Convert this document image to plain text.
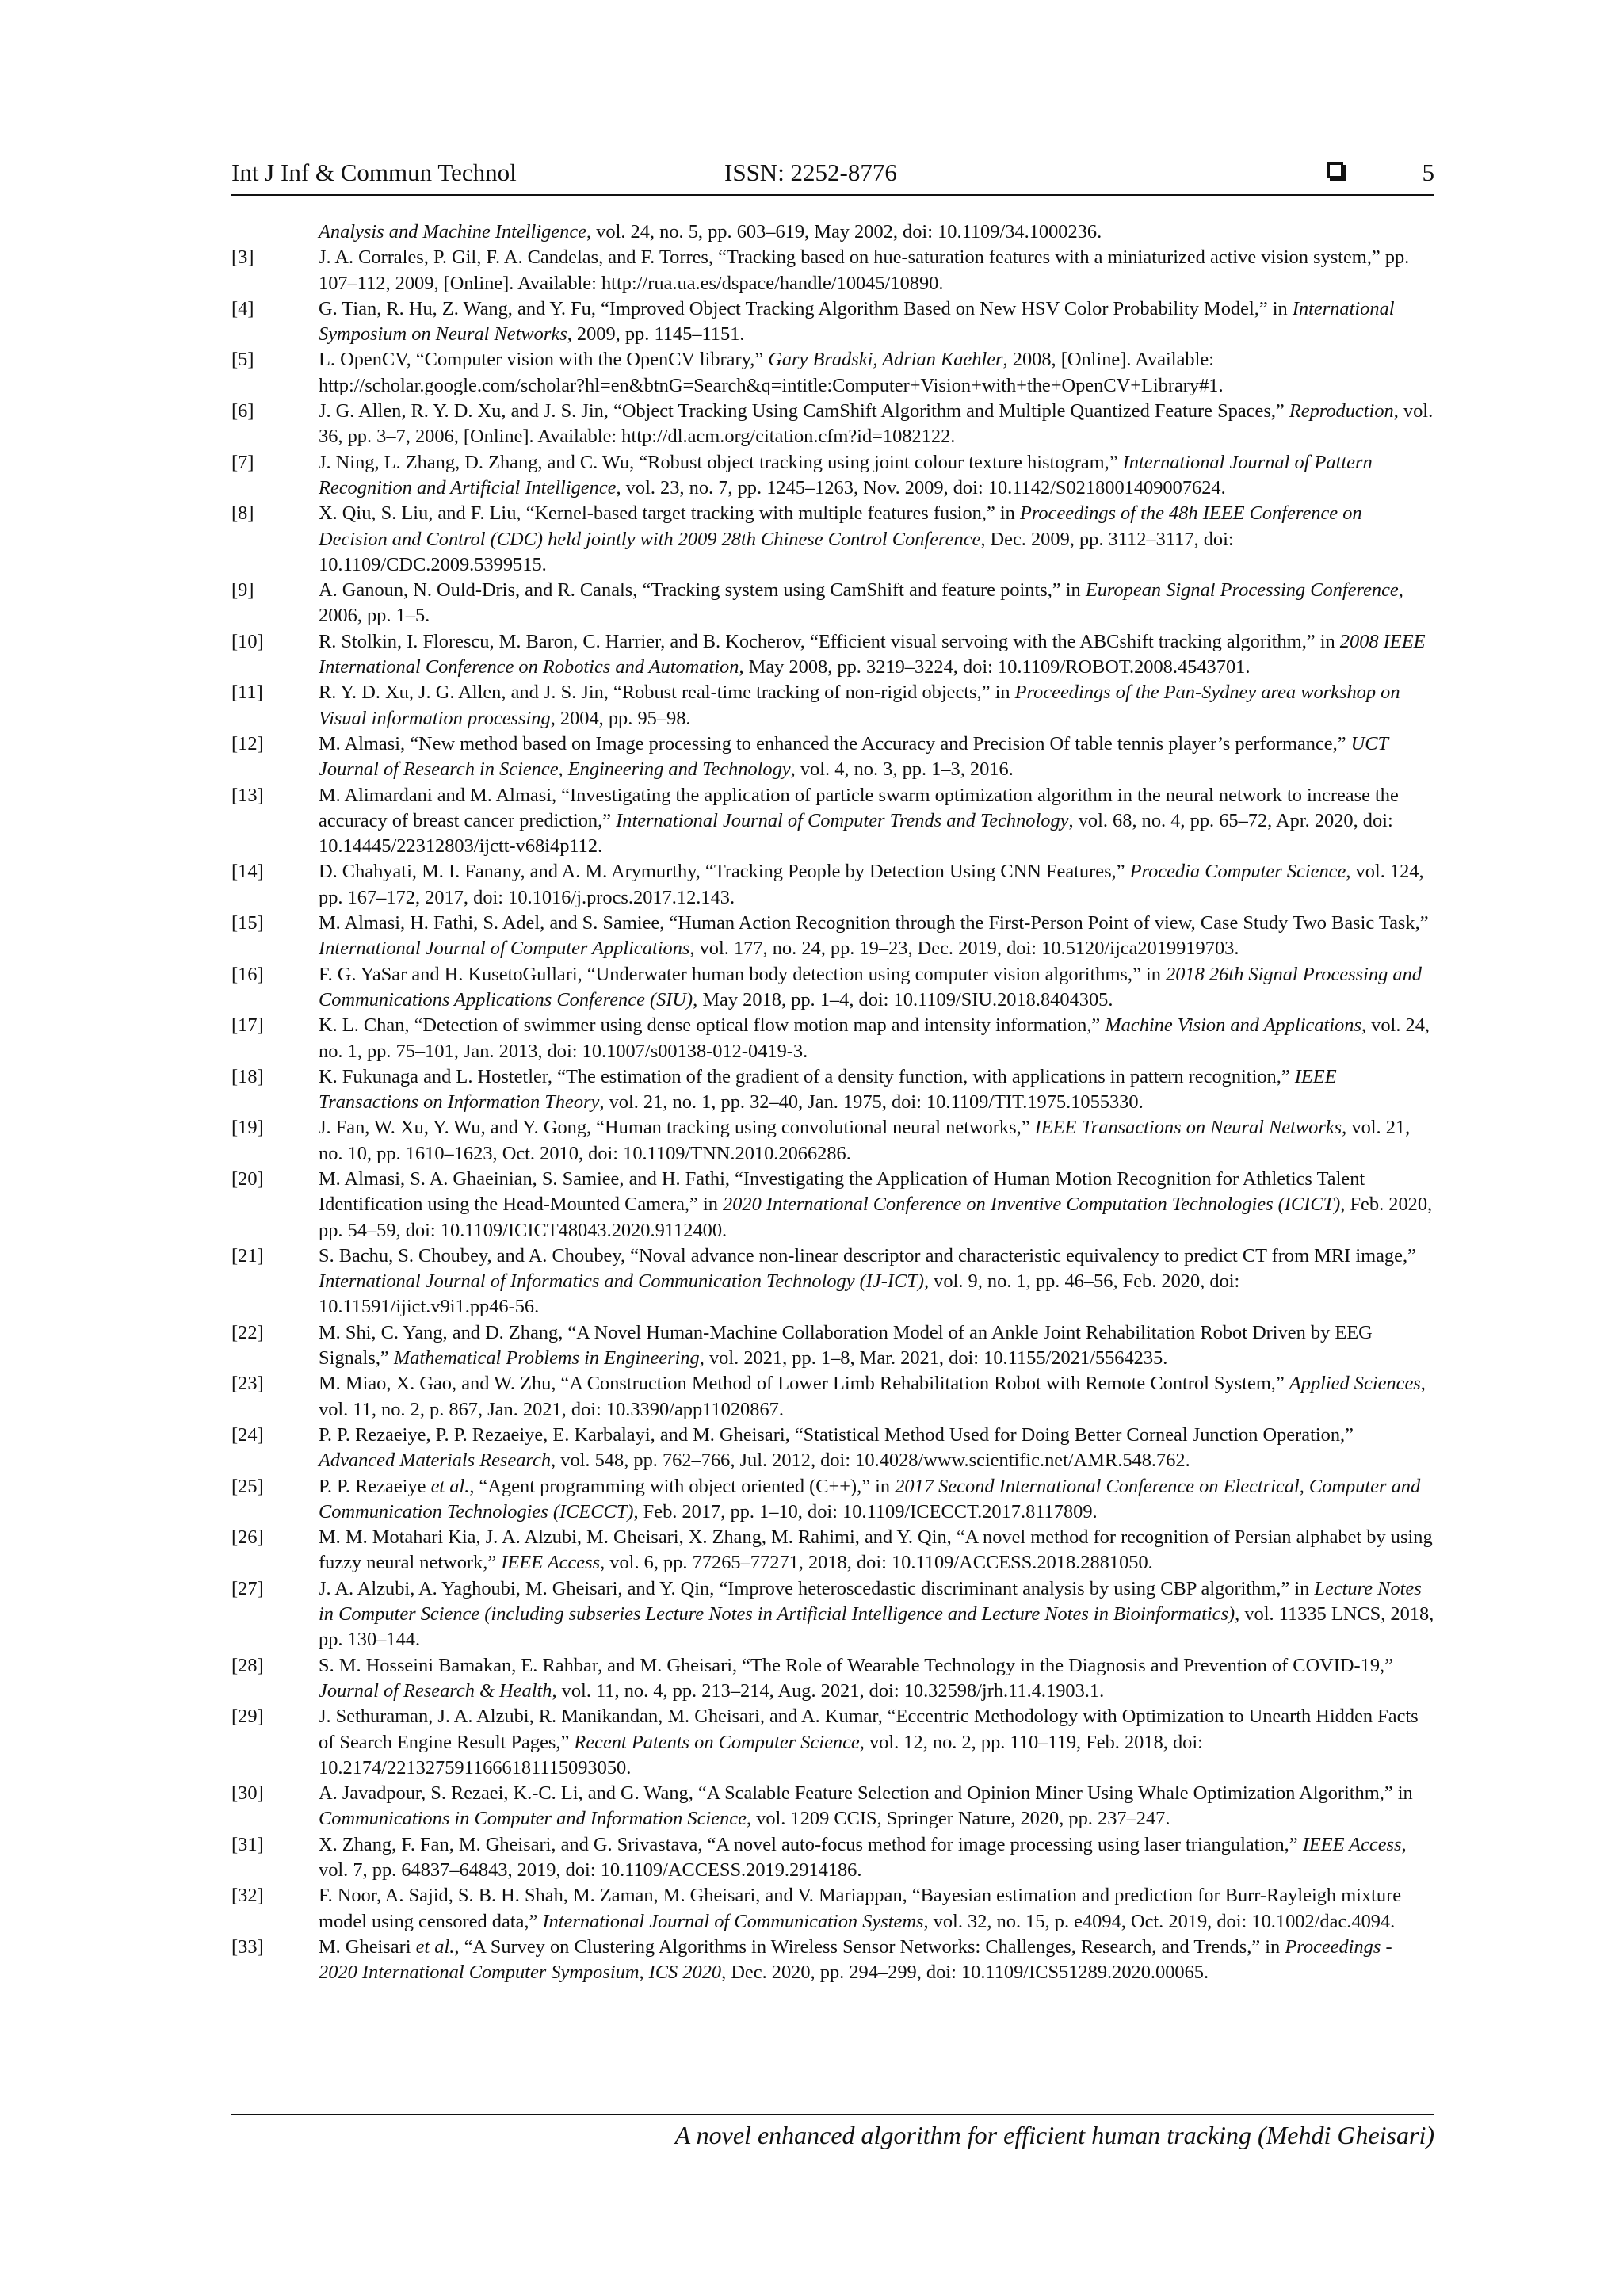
Int J Inf & Commun Technol	ISSN: 2252-8776	5
Analysis and Machine Intelligence, vol. 24, no. 5, pp. 603–619, May 2002, doi: 10.1109/34.1000236.
[3]	J. A. Corrales, P. Gil, F. A. Candelas, and F. Torres, “Tracking based on hue-saturation features with a miniaturized active vision system,” pp. 107–112, 2009, [Online]. Available: http://rua.ua.es/dspace/handle/10045/10890.
[4]	G. Tian, R. Hu, Z. Wang, and Y. Fu, “Improved Object Tracking Algorithm Based on New HSV Color Probability Model,” in International Symposium on Neural Networks, 2009, pp. 1145–1151.
[5]	L. OpenCV, “Computer vision with the OpenCV library,” Gary Bradski, Adrian Kaehler, 2008, [Online]. Available: http://scholar.google.com/scholar?hl=en&btnG=Search&q=intitle:Computer+Vision+with+the+OpenCV+Library#1.
[6]	J. G. Allen, R. Y. D. Xu, and J. S. Jin, “Object Tracking Using CamShift Algorithm and Multiple Quantized Feature Spaces,” Reproduction, vol. 36, pp. 3–7, 2006, [Online]. Available: http://dl.acm.org/citation.cfm?id=1082122.
[7]	J. Ning, L. Zhang, D. Zhang, and C. Wu, “Robust object tracking using joint colour texture histogram,” International Journal of Pattern Recognition and Artificial Intelligence, vol. 23, no. 7, pp. 1245–1263, Nov. 2009, doi: 10.1142/S0218001409007624.
[8]	X. Qiu, S. Liu, and F. Liu, “Kernel-based target tracking with multiple features fusion,” in Proceedings of the 48h IEEE Conference on Decision and Control (CDC) held jointly with 2009 28th Chinese Control Conference, Dec. 2009, pp. 3112–3117, doi: 10.1109/CDC.2009.5399515.
[9]	A. Ganoun, N. Ould-Dris, and R. Canals, “Tracking system using CamShift and feature points,” in European Signal Processing Conference, 2006, pp. 1–5.
[10]	R. Stolkin, I. Florescu, M. Baron, C. Harrier, and B. Kocherov, “Efficient visual servoing with the ABCshift tracking algorithm,” in 2008 IEEE International Conference on Robotics and Automation, May 2008, pp. 3219–3224, doi: 10.1109/ROBOT.2008.4543701.
[11]	R. Y. D. Xu, J. G. Allen, and J. S. Jin, “Robust real-time tracking of non-rigid objects,” in Proceedings of the Pan-Sydney area workshop on Visual information processing, 2004, pp. 95–98.
[12]	M. Almasi, “New method based on Image processing to enhanced the Accuracy and Precision Of table tennis player’s performance,” UCT Journal of Research in Science, Engineering and Technology, vol. 4, no. 3, pp. 1–3, 2016.
[13]	M. Alimardani and M. Almasi, “Investigating the application of particle swarm optimization algorithm in the neural network to increase the accuracy of breast cancer prediction,” International Journal of Computer Trends and Technology, vol. 68, no. 4, pp. 65–72, Apr. 2020, doi: 10.14445/22312803/ijctt-v68i4p112.
[14]	D. Chahyati, M. I. Fanany, and A. M. Arymurthy, “Tracking People by Detection Using CNN Features,” Procedia Computer Science, vol. 124, pp. 167–172, 2017, doi: 10.1016/j.procs.2017.12.143.
[15]	M. Almasi, H. Fathi, S. Adel, and S. Samiee, “Human Action Recognition through the First-Person Point of view, Case Study Two Basic Task,” International Journal of Computer Applications, vol. 177, no. 24, pp. 19–23, Dec. 2019, doi: 10.5120/ijca2019919703.
[16]	F. G. YaSar and H. KusetoGullari, “Underwater human body detection using computer vision algorithms,” in 2018 26th Signal Processing and Communications Applications Conference (SIU), May 2018, pp. 1–4, doi: 10.1109/SIU.2018.8404305.
[17]	K. L. Chan, “Detection of swimmer using dense optical flow motion map and intensity information,” Machine Vision and Applications, vol. 24, no. 1, pp. 75–101, Jan. 2013, doi: 10.1007/s00138-012-0419-3.
[18]	K. Fukunaga and L. Hostetler, “The estimation of the gradient of a density function, with applications in pattern recognition,” IEEE Transactions on Information Theory, vol. 21, no. 1, pp. 32–40, Jan. 1975, doi: 10.1109/TIT.1975.1055330.
[19]	J. Fan, W. Xu, Y. Wu, and Y. Gong, “Human tracking using convolutional neural networks,” IEEE Transactions on Neural Networks, vol. 21, no. 10, pp. 1610–1623, Oct. 2010, doi: 10.1109/TNN.2010.2066286.
[20]	M. Almasi, S. A. Ghaeinian, S. Samiee, and H. Fathi, “Investigating the Application of Human Motion Recognition for Athletics Talent Identification using the Head-Mounted Camera,” in 2020 International Conference on Inventive Computation Technologies (ICICT), Feb. 2020, pp. 54–59, doi: 10.1109/ICICT48043.2020.9112400.
[21]	S. Bachu, S. Choubey, and A. Choubey, “Noval advance non-linear descriptor and characteristic equivalency to predict CT from MRI image,” International Journal of Informatics and Communication Technology (IJ-ICT), vol. 9, no. 1, pp. 46–56, Feb. 2020, doi: 10.11591/ijict.v9i1.pp46-56.
[22]	M. Shi, C. Yang, and D. Zhang, “A Novel Human-Machine Collaboration Model of an Ankle Joint Rehabilitation Robot Driven by EEG Signals,” Mathematical Problems in Engineering, vol. 2021, pp. 1–8, Mar. 2021, doi: 10.1155/2021/5564235.
[23]	M. Miao, X. Gao, and W. Zhu, “A Construction Method of Lower Limb Rehabilitation Robot with Remote Control System,” Applied Sciences, vol. 11, no. 2, p. 867, Jan. 2021, doi: 10.3390/app11020867.
[24]	P. P. Rezaeiye, P. P. Rezaeiye, E. Karbalayi, and M. Gheisari, “Statistical Method Used for Doing Better Corneal Junction Operation,” Advanced Materials Research, vol. 548, pp. 762–766, Jul. 2012, doi: 10.4028/www.scientific.net/AMR.548.762.
[25]	P. P. Rezaeiye et al., “Agent programming with object oriented (C++),” in 2017 Second International Conference on Electrical, Computer and Communication Technologies (ICECCT), Feb. 2017, pp. 1–10, doi: 10.1109/ICECCT.2017.8117809.
[26]	M. M. Motahari Kia, J. A. Alzubi, M. Gheisari, X. Zhang, M. Rahimi, and Y. Qin, “A novel method for recognition of Persian alphabet by using fuzzy neural network,” IEEE Access, vol. 6, pp. 77265–77271, 2018, doi: 10.1109/ACCESS.2018.2881050.
[27]	J. A. Alzubi, A. Yaghoubi, M. Gheisari, and Y. Qin, “Improve heteroscedastic discriminant analysis by using CBP algorithm,” in Lecture Notes in Computer Science (including subseries Lecture Notes in Artificial Intelligence and Lecture Notes in Bioinformatics), vol. 11335 LNCS, 2018, pp. 130–144.
[28]	S. M. Hosseini Bamakan, E. Rahbar, and M. Gheisari, “The Role of Wearable Technology in the Diagnosis and Prevention of COVID-19,” Journal of Research & Health, vol. 11, no. 4, pp. 213–214, Aug. 2021, doi: 10.32598/jrh.11.4.1903.1.
[29]	J. Sethuraman, J. A. Alzubi, R. Manikandan, M. Gheisari, and A. Kumar, “Eccentric Methodology with Optimization to Unearth Hidden Facts of Search Engine Result Pages,” Recent Patents on Computer Science, vol. 12, no. 2, pp. 110–119, Feb. 2018, doi: 10.2174/2213275911666181115093050.
[30]	A. Javadpour, S. Rezaei, K.-C. Li, and G. Wang, “A Scalable Feature Selection and Opinion Miner Using Whale Optimization Algorithm,” in Communications in Computer and Information Science, vol. 1209 CCIS, Springer Nature, 2020, pp. 237–247.
[31]	X. Zhang, F. Fan, M. Gheisari, and G. Srivastava, “A novel auto-focus method for image processing using laser triangulation,” IEEE Access, vol. 7, pp. 64837–64843, 2019, doi: 10.1109/ACCESS.2019.2914186.
[32]	F. Noor, A. Sajid, S. B. H. Shah, M. Zaman, M. Gheisari, and V. Mariappan, “Bayesian estimation and prediction for Burr-Rayleigh mixture model using censored data,” International Journal of Communication Systems, vol. 32, no. 15, p. e4094, Oct. 2019, doi: 10.1002/dac.4094.
[33]	M. Gheisari et al., “A Survey on Clustering Algorithms in Wireless Sensor Networks: Challenges, Research, and Trends,” in Proceedings - 2020 International Computer Symposium, ICS 2020, Dec. 2020, pp. 294–299, doi: 10.1109/ICS51289.2020.00065.
A novel enhanced algorithm for efficient human tracking (Mehdi Gheisari)
